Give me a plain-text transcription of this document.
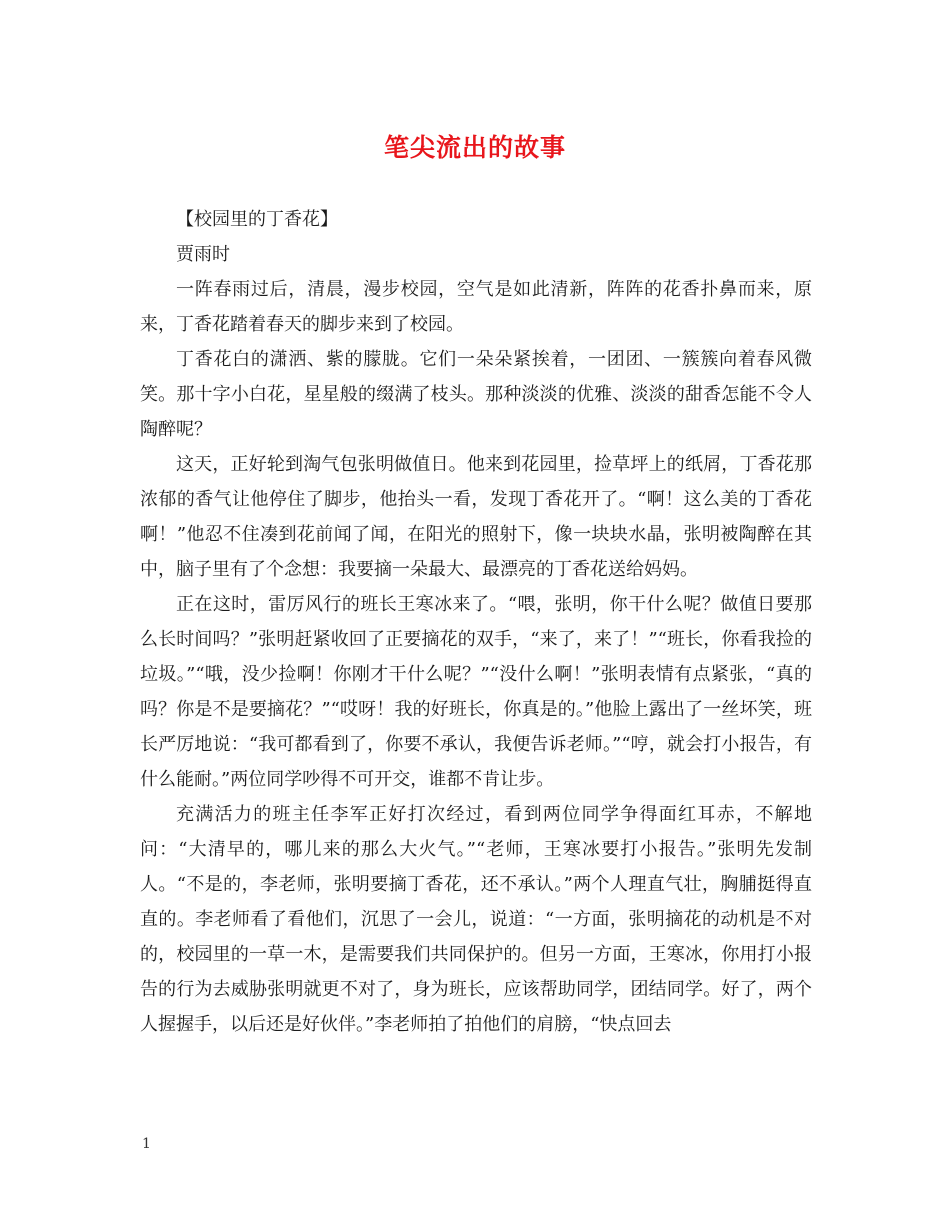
笔尖流出的故事

【校园里的丁香花】

贾雨时

一阵春雨过后，清晨，漫步校园，空气是如此清新，阵阵的花香扑鼻而来，原来，丁香花踏着春天的脚步来到了校园。

丁香花白的潇洒、紫的朦胧。它们一朵朵紧挨着，一团团、一簇簇向着春风微笑。那十字小白花，星星般的缀满了枝头。那种淡淡的优雅、淡淡的甜香怎能不令人陶醉呢？

这天，正好轮到淘气包张明做值日。他来到花园里，捡草坪上的纸屑，丁香花那浓郁的香气让他停住了脚步，他抬头一看，发现丁香花开了。“啊！这么美的丁香花啊！”他忍不住凑到花前闻了闻，在阳光的照射下，像一块块水晶，张明被陶醉在其中，脑子里有了个念想：我要摘一朵最大、最漂亮的丁香花送给妈妈。

正在这时，雷厉风行的班长王寒冰来了。“喂，张明，你干什么呢？做值日要那么长时间吗？”张明赶紧收回了正要摘花的双手，“来了，来了！”“班长，你看我捡的垃圾。”“哦，没少捡啊！你刚才干什么呢？”“没什么啊！”张明表情有点紧张，“真的吗？你是不是要摘花？”“哎呀！我的好班长，你真是的。”他脸上露出了一丝坏笑，班长严厉地说：“我可都看到了，你要不承认，我便告诉老师。”“哼，就会打小报告，有什么能耐。”两位同学吵得不可开交，谁都不肯让步。

充满活力的班主任李军正好打次经过，看到两位同学争得面红耳赤，不解地问：“大清早的，哪儿来的那么大火气。”“老师，王寒冰要打小报告。”张明先发制人。“不是的，李老师，张明要摘丁香花，还不承认。”两个人理直气壮，胸脯挺得直直的。李老师看了看他们，沉思了一会儿，说道：“一方面，张明摘花的动机是不对的，校园里的一草一木，是需要我们共同保护的。但另一方面，王寒冰，你用打小报告的行为去威胁张明就更不对了，身为班长，应该帮助同学，团结同学。好了，两个人握握手，以后还是好伙伴。”李老师拍了拍他们的肩膀，“快点回去

1
